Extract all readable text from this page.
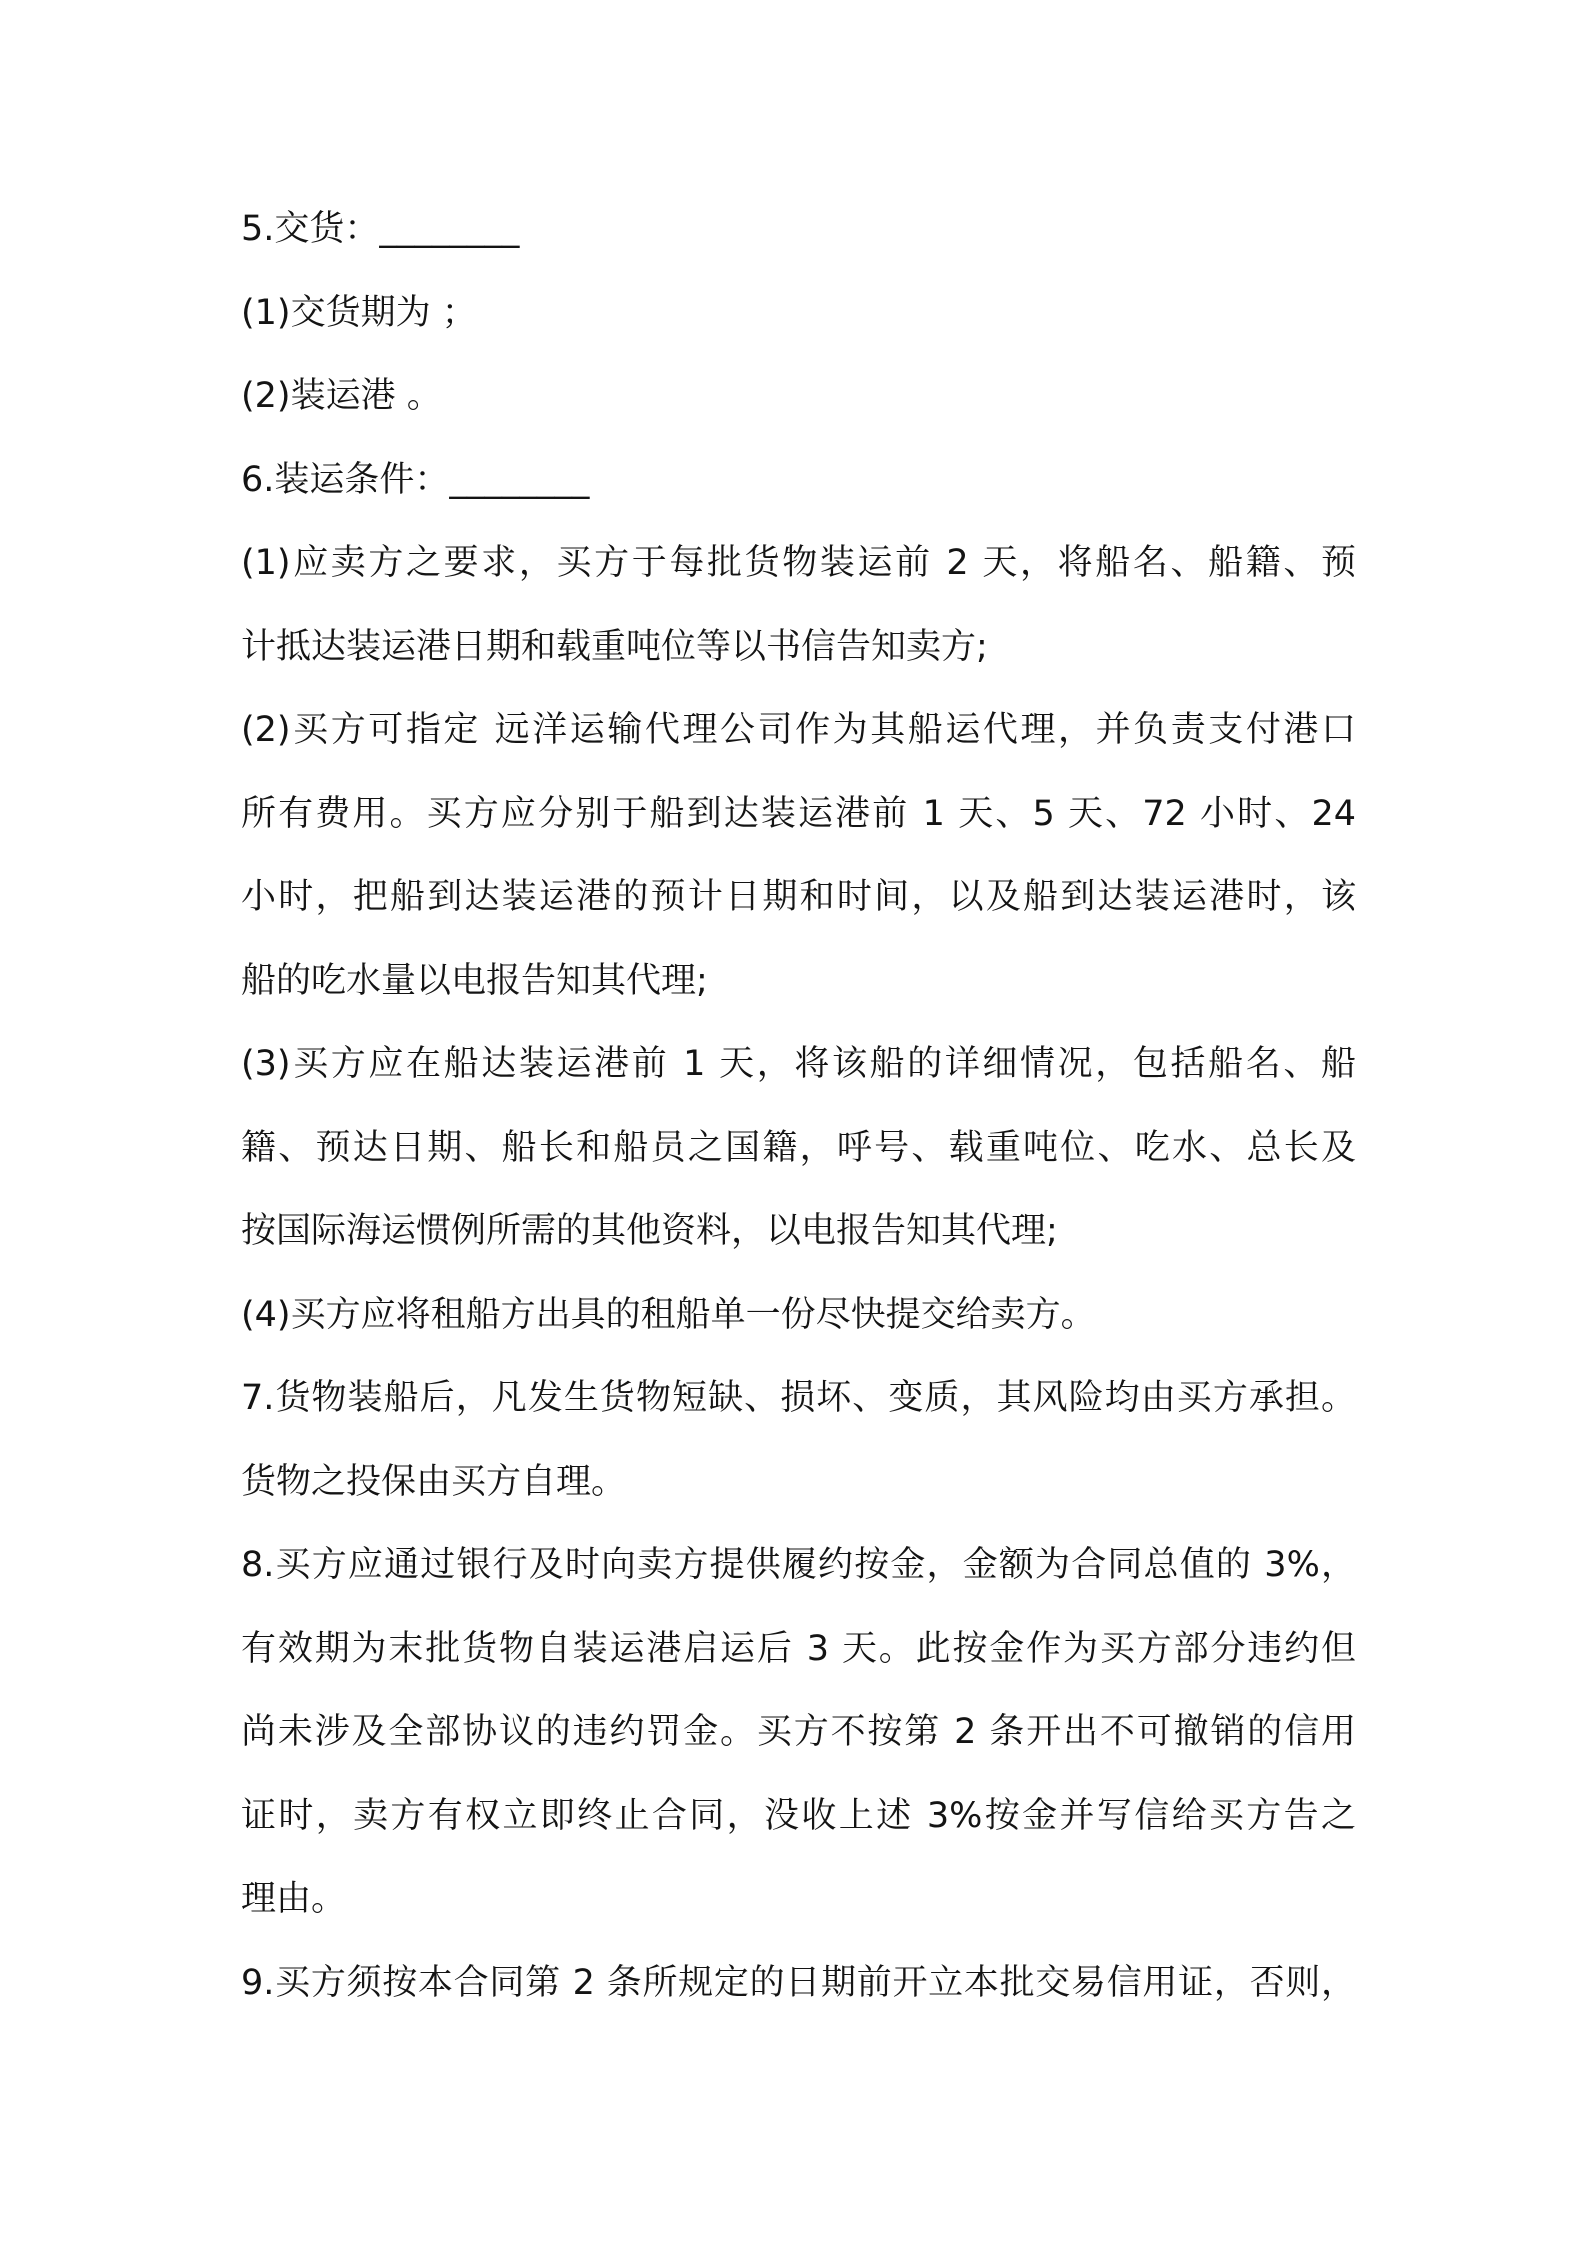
5.交货：________
(1)交货期为 ；
(2)装运港 。
6.装运条件：________
(1)应卖方之要求，买方于每批货物装运前 2 天，将船名、船籍、预
计抵达装运港日期和载重吨位等以书信告知卖方;
(2)买方可指定 远洋运输代理公司作为其船运代理，并负责支付港口
所有费用。买方应分别于船到达装运港前 1 天、5 天、72 小时、24
小时，把船到达装运港的预计日期和时间，以及船到达装运港时，该
船的吃水量以电报告知其代理;
(3)买方应在船达装运港前 1 天，将该船的详细情况，包括船名、船
籍、预达日期、船长和船员之国籍，呼号、载重吨位、吃水、总长及
按国际海运惯例所需的其他资料，以电报告知其代理;
(4)买方应将租船方出具的租船单一份尽快提交给卖方。
7.货物装船后，凡发生货物短缺、损坏、变质，其风险均由买方承担。
货物之投保由买方自理。
8.买方应通过银行及时向卖方提供履约按金，金额为合同总值的 3%，
有效期为末批货物自装运港启运后 3 天。此按金作为买方部分违约但
尚未涉及全部协议的违约罚金。买方不按第 2 条开出不可撤销的信用
证时，卖方有权立即终止合同，没收上述 3%按金并写信给买方告之
理由。
9.买方须按本合同第 2 条所规定的日期前开立本批交易信用证，否则，
